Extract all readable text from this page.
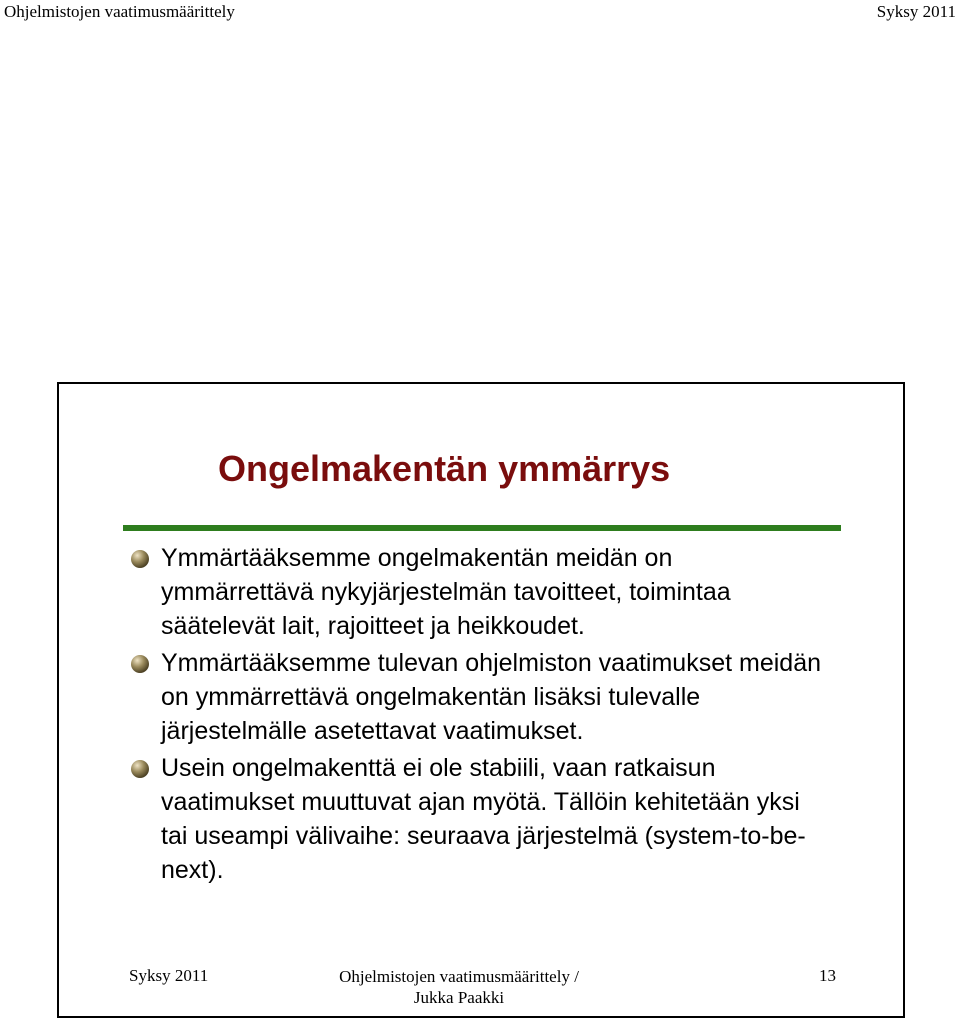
Ohjelmistojen vaatimusmäärittely	Syksy 2011
Ongelmakentän ymmärrys
Ymmärtääksemme ongelmakentän meidän on ymmärrettävä nykyjärjestelmän tavoitteet, toimintaa säätelevät lait, rajoitteet ja heikkoudet.
Ymmärtääksemme tulevan ohjelmiston vaatimukset meidän on ymmärrettävä ongelmakentän lisäksi tulevalle järjestelmälle asetettavat vaatimukset.
Usein ongelmakenttä ei ole stabiili, vaan ratkaisun vaatimukset muuttuvat ajan myötä. Tällöin kehitetään yksi tai useampi välivaihe: seuraava järjestelmä (system-to-be-next).
Syksy 2011	Ohjelmistojen vaatimusmäärittely /
Jukka Paakki
13
